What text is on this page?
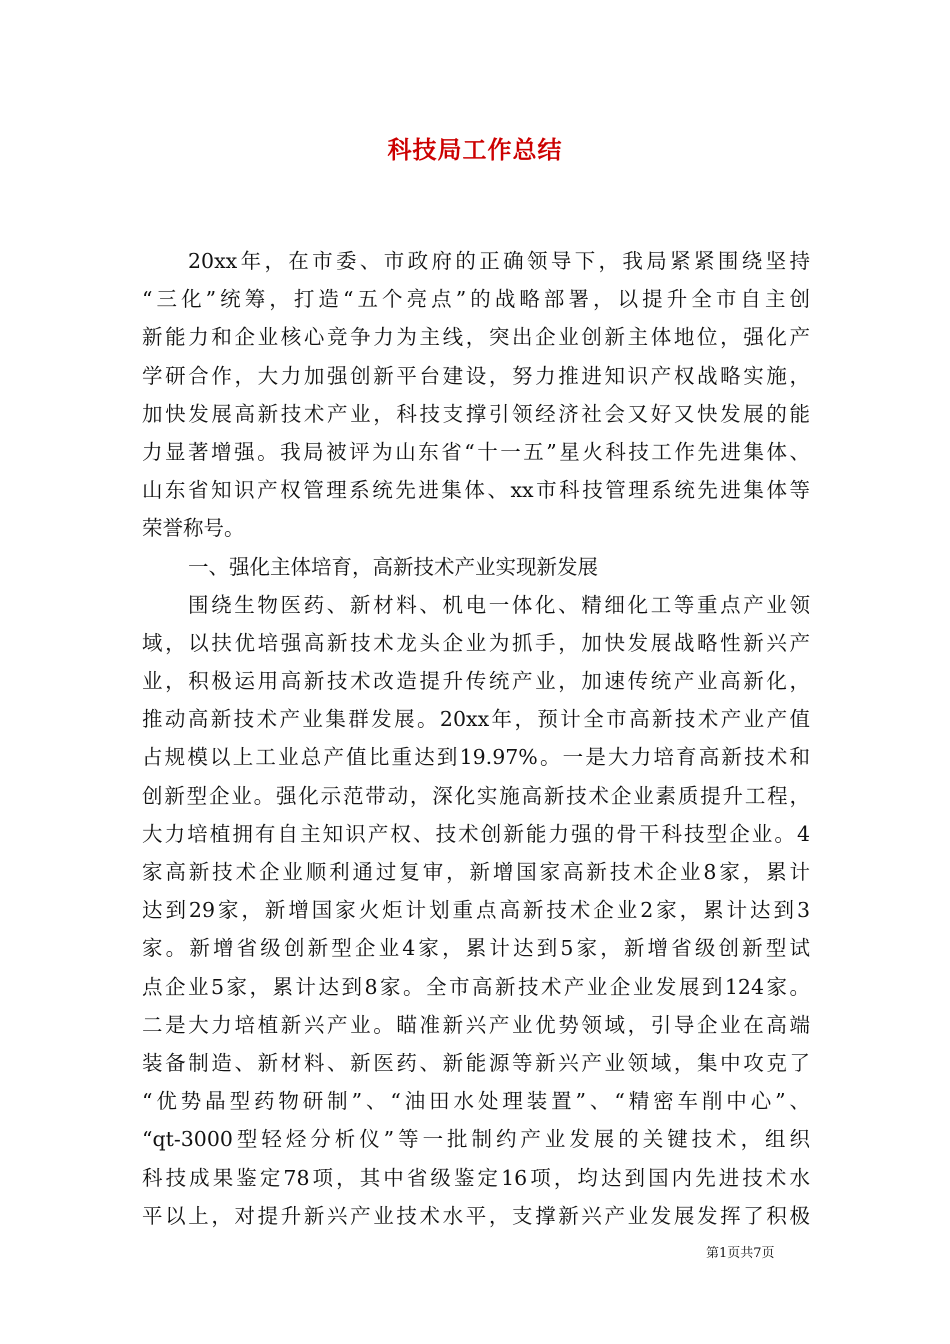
科技局工作总结
20xx年，在市委、市政府的正确领导下，我局紧紧围绕坚持
“三化”统筹，打造“五个亮点”的战略部署，以提升全市自主创
新能力和企业核心竞争力为主线，突出企业创新主体地位，强化产
学研合作，大力加强创新平台建设，努力推进知识产权战略实施，
加快发展高新技术产业，科技支撑引领经济社会又好又快发展的能
力显著增强。我局被评为山东省“十一五”星火科技工作先进集体、
山东省知识产权管理系统先进集体、xx市科技管理系统先进集体等
荣誉称号。
一、强化主体培育，高新技术产业实现新发展
围绕生物医药、新材料、机电一体化、精细化工等重点产业领
域，以扶优培强高新技术龙头企业为抓手，加快发展战略性新兴产
业，积极运用高新技术改造提升传统产业，加速传统产业高新化，
推动高新技术产业集群发展。20xx年，预计全市高新技术产业产值
占规模以上工业总产值比重达到19.97%。一是大力培育高新技术和
创新型企业。强化示范带动，深化实施高新技术企业素质提升工程，
大力培植拥有自主知识产权、技术创新能力强的骨干科技型企业。4
家高新技术企业顺利通过复审，新增国家高新技术企业8家，累计
达到29家，新增国家火炬计划重点高新技术企业2家，累计达到3
家。新增省级创新型企业4家，累计达到5家，新增省级创新型试
点企业5家，累计达到8家。全市高新技术产业企业发展到124家。
二是大力培植新兴产业。瞄准新兴产业优势领域，引导企业在高端
装备制造、新材料、新医药、新能源等新兴产业领域，集中攻克了
“优势晶型药物研制”、“油田水处理装置”、“精密车削中心”、
“qt-3000型轻烃分析仪”等一批制约产业发展的关键技术，组织
科技成果鉴定78项，其中省级鉴定16项，均达到国内先进技术水
平以上，对提升新兴产业技术水平，支撑新兴产业发展发挥了积极
第1页共7页
